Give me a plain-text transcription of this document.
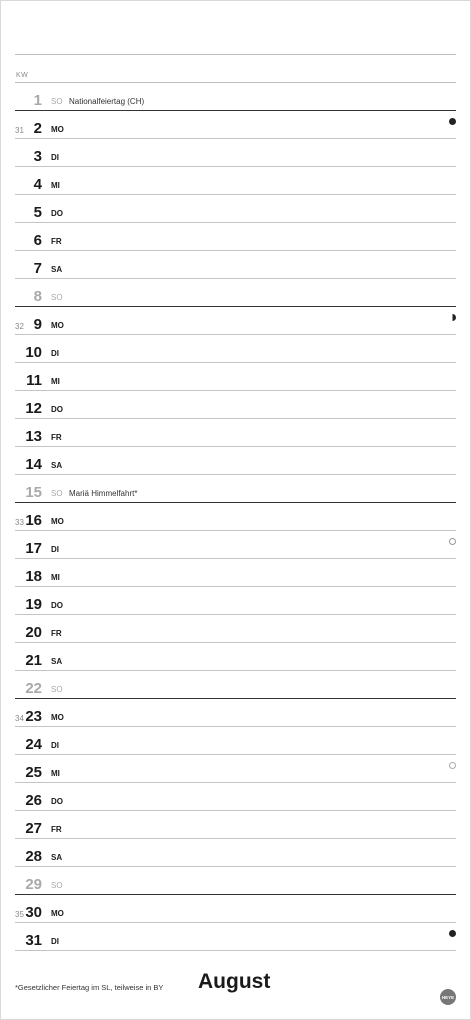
KW
1 SO Nationalfeiertag (CH)
31 2 MO
3 DI
4 MI
5 DO
6 FR
7 SA
8 SO
32 9 MO
10 DI
11 MI
12 DO
13 FR
14 SA
15 SO Mariä Himmelfahrt*
33 16 MO
17 DI
18 MI
19 DO
20 FR
21 SA
22 SO
34 23 MO
24 DI
25 MI
26 DO
27 FR
28 SA
29 SO
35 30 MO
31 DI
*Gesetzlicher Feiertag im SL, teilweise in BY August
HEYE
